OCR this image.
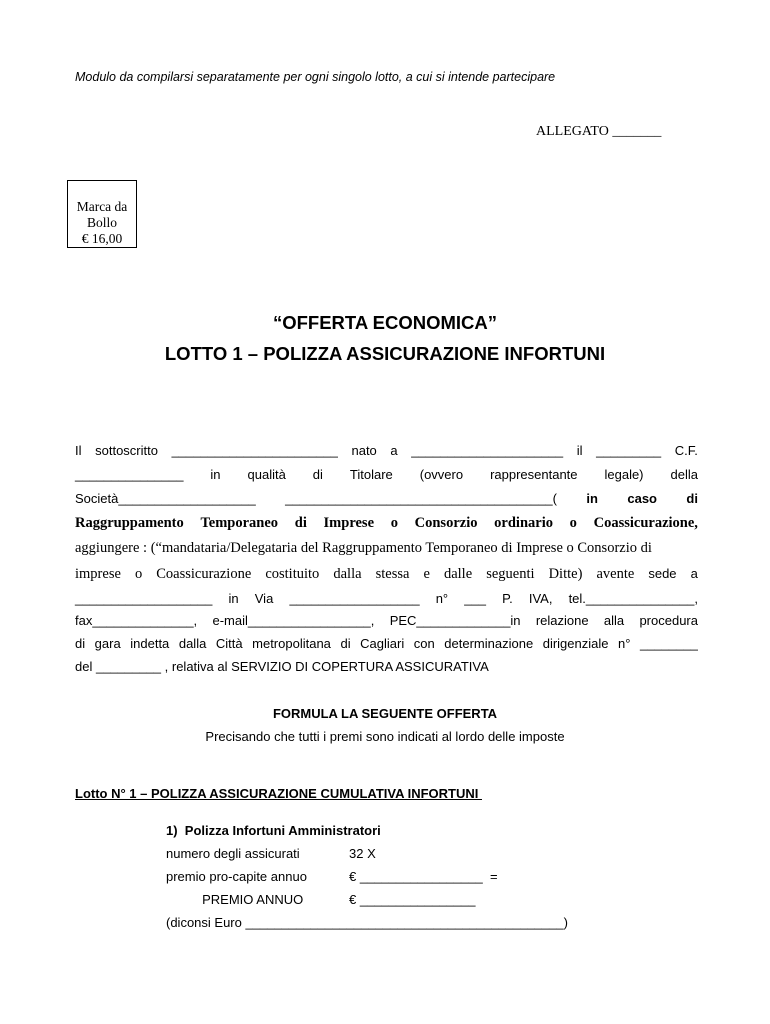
Modulo da compilarsi separatamente per ogni singolo lotto, a cui si intende partecipare
ALLEGATO _______
Marca da
Bollo
€ 16,00
“OFFERTA ECONOMICA”
LOTTO 1 – POLIZZA ASSICURAZIONE INFORTUNI
Il sottoscritto _______________________ nato a _____________________ il _________ C.F.
_______________ in qualità di Titolare (ovvero rappresentante legale) della
Società___________________ _____________________________________( in caso di
Raggruppamento Temporaneo di Imprese o Consorzio ordinario o Coassicurazione,
aggiungere : (“mandataria/Delegataria del Raggruppamento Temporaneo di Imprese o Consorzio di
imprese o Coassicurazione costituito dalla stessa e dalle seguenti Ditte) avente sede a
___________________ in Via __________________ n° ___ P. IVA, tel._______________,
fax______________, e-mail_________________, PEC_____________in relazione alla procedura
di gara indetta dalla Città metropolitana di Cagliari con determinazione dirigenziale n° ________
del _________ , relativa al SERVIZIO DI COPERTURA ASSICURATIVA
FORMULA LA SEGUENTE OFFERTA
Precisando che tutti i premi sono indicati al lordo delle imposte
Lotto N° 1 – POLIZZA ASSICURAZIONE CUMULATIVA INFORTUNI
1)  Polizza Infortuni Amministratori
numero degli assicurati	32 X
premio pro-capite annuo	€ _________________  =
PREMIO ANNUO	€ ________________
(diconsi Euro ____________________________________________)
